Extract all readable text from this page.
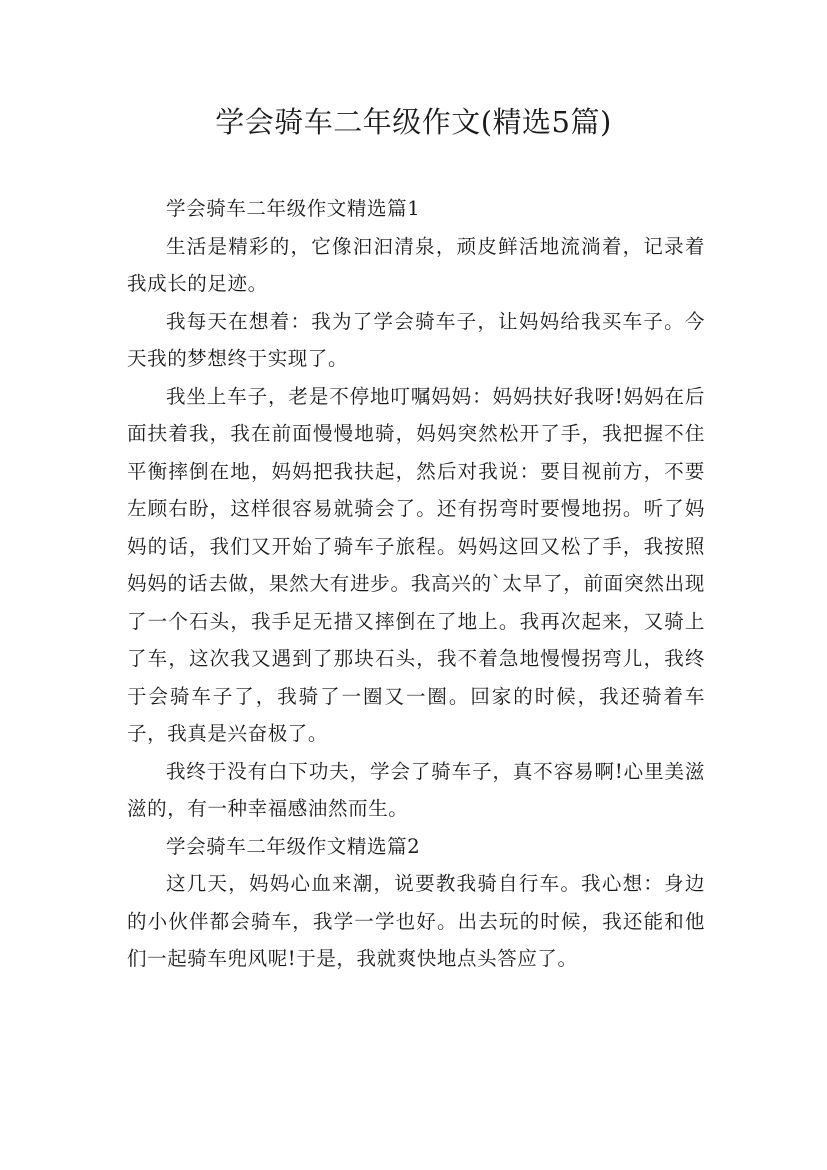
学会骑车二年级作文(精选5篇)

学会骑车二年级作文精选篇1

生活是精彩的，它像汩汩清泉，顽皮鲜活地流淌着，记录着我成长的足迹。

我每天在想着：我为了学会骑车子，让妈妈给我买车子。今天我的梦想终于实现了。

我坐上车子，老是不停地叮嘱妈妈：妈妈扶好我呀!妈妈在后面扶着我，我在前面慢慢地骑，妈妈突然松开了手，我把握不住平衡摔倒在地，妈妈把我扶起，然后对我说：要目视前方，不要左顾右盼，这样很容易就骑会了。还有拐弯时要慢地拐。听了妈妈的话，我们又开始了骑车子旅程。妈妈这回又松了手，我按照妈妈的话去做，果然大有进步。我高兴的`太早了，前面突然出现了一个石头，我手足无措又摔倒在了地上。我再次起来，又骑上了车，这次我又遇到了那块石头，我不着急地慢慢拐弯儿，我终于会骑车子了，我骑了一圈又一圈。回家的时候，我还骑着车子，我真是兴奋极了。

我终于没有白下功夫，学会了骑车子，真不容易啊!心里美滋滋的，有一种幸福感油然而生。

学会骑车二年级作文精选篇2

这几天，妈妈心血来潮，说要教我骑自行车。我心想：身边的小伙伴都会骑车，我学一学也好。出去玩的时候，我还能和他们一起骑车兜风呢!于是，我就爽快地点头答应了。
